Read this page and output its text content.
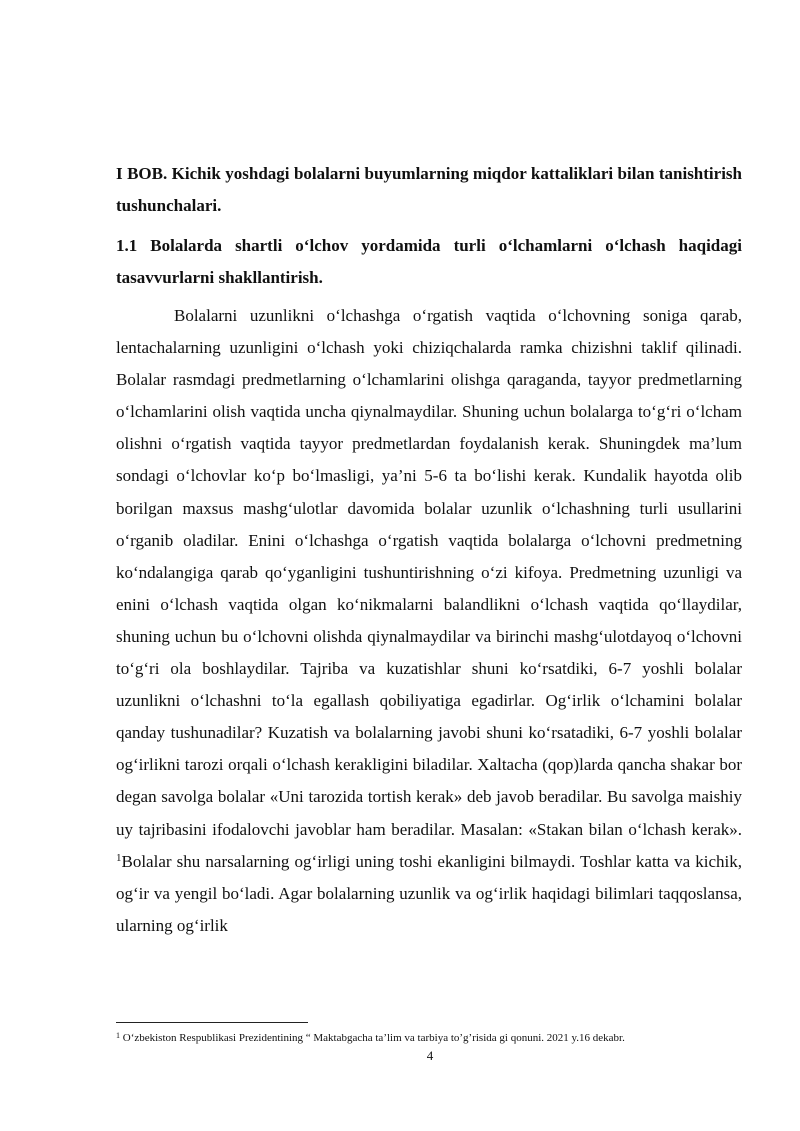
I BOB. Kichik yoshdagi bolalarni buyumlarning miqdor kattaliklari bilan tanishtirish tushunchalari.

1.1 Bolalarda shartli o‘lchov yordamida turli o‘lchamlarni o‘lchash haqidagi tasavvurlarni shakllantirish.

Bolalarni uzunlikni o‘lchashga o‘rgatish vaqtida o‘lchovning soniga qarab, lentachalarning uzunligini o‘lchash yoki chiziqchalarda ramka chizishni taklif qilinadi. Bolalar rasmdagi predmetlarning o‘lchamlarini olishga qaraganda, tayyor predmetlarning o‘lchamlarini olish vaqtida uncha qiynalmaydilar. Shuning uchun bolalarga to‘g‘ri o‘lcham olishni o‘rgatish vaqtida tayyor predmetlardan foydalanish kerak. Shuningdek ma’lum sondagi o‘lchovlar ko‘p bo‘lmasligi, ya’ni 5-6 ta bo‘lishi kerak. Kundalik hayotda olib borilgan maxsus mashg‘ulotlar davomida bolalar uzunlik o‘lchashning turli usullarini o‘rganib oladilar. Enini o‘lchashga o‘rgatish vaqtida bolalarga o‘lchovni predmetning ko‘ndalangiga qarab qo‘yganligini tushuntirishning o‘zi kifoya. Predmetning uzunligi va enini o‘lchash vaqtida olgan ko‘nikmalarni balandlikni o‘lchash vaqtida qo‘llaydilar, shuning uchun bu o‘lchovni olishda qiynalmaydilar va birinchi mashg‘ulotdayoq o‘lchovni to‘g‘ri ola boshlaydilar. Tajriba va kuzatishlar shuni ko‘rsatdiki, 6-7 yoshli bolalar uzunlikni o‘lchashni to‘la egallash qobiliyatiga egadirlar. Og‘irlik o‘lchamini bolalar qanday tushunadilar? Kuzatish va bolalarning javobi shuni ko‘rsatadiki, 6-7 yoshli bolalar og‘irlikni tarozi orqali o‘lchash kerakligini biladilar. Xaltacha (qop)larda qancha shakar bor degan savolga bolalar «Uni tarozida tortish kerak» deb javob beradilar. Bu savolga maishiy uy tajribasini ifodalovchi javoblar ham beradilar. Masalan: «Stakan bilan o‘lchash kerak». $^1$Bolalar shu narsalarning og‘irligi uning toshi ekanligini bilmaydi. Toshlar katta va kichik, og‘ir va yengil bo‘ladi. Agar bolalarning uzunlik va og‘irlik haqidagi bilimlari taqqoslansa, ularning og‘irlik

$^1$ O‘zbekiston Respublikasi Prezidentining “ Maktabgacha ta’lim va tarbiya to’g’risida gi qonuni. 2021 y.16 dekabr.
4
